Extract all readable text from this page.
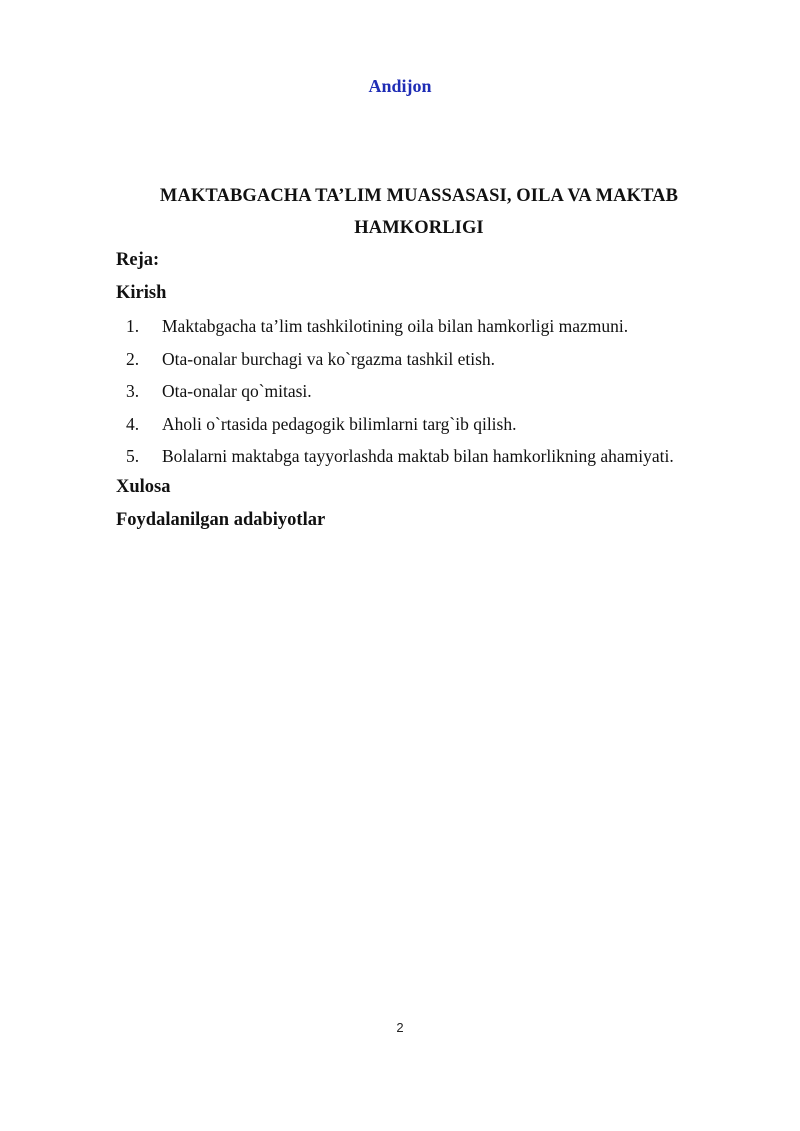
Andijon
MAKTABGACHA TA’LIM MUASSASASI, OILA VA MAKTAB
HAMKORLIGI
Reja:
Kirish
1. Maktabgacha ta’lim tashkilotining oila bilan hamkorligi mazmuni.
2. Ota-onalar burchagi va ko`rgazma tashkil etish.
3. Ota-onalar qo`mitasi.
4. Aholi o`rtasida pedagogik bilimlarni targ`ib qilish.
5. Bolalarni maktabga tayyorlashda maktab bilan hamkorlikning ahamiyati.
Xulosa
Foydalanilgan adabiyotlar
2
